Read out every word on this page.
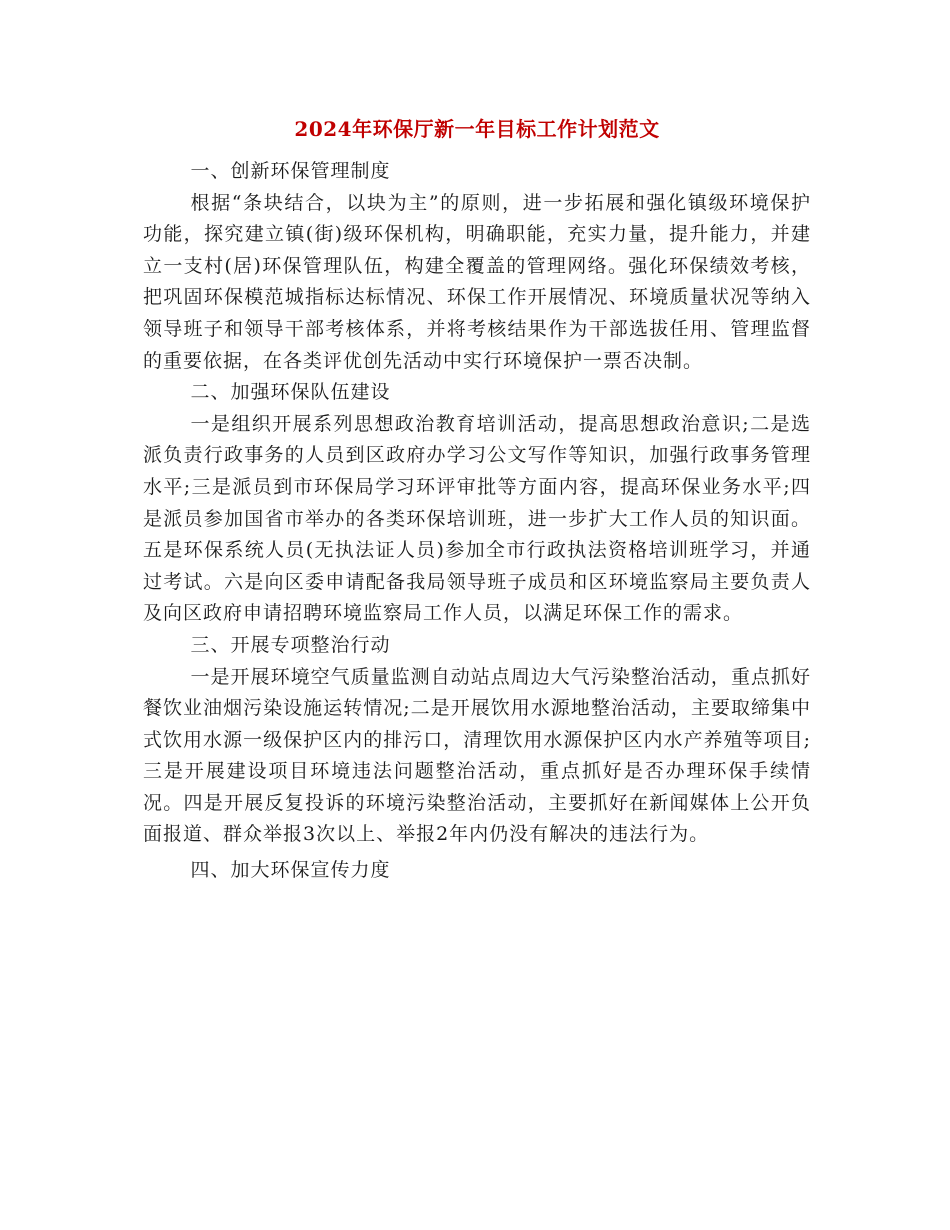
2024年环保厅新一年目标工作计划范文
一、创新环保管理制度

根据“条块结合，以块为主”的原则，进一步拓展和强化镇级环境保护功能，探究建立镇(街)级环保机构，明确职能，充实力量，提升能力，并建立一支村(居)环保管理队伍，构建全覆盖的管理网络。强化环保绩效考核，把巩固环保模范城指标达标情况、环保工作开展情况、环境质量状况等纳入领导班子和领导干部考核体系，并将考核结果作为干部选拔任用、管理监督的重要依据，在各类评优创先活动中实行环境保护一票否决制。

二、加强环保队伍建设

一是组织开展系列思想政治教育培训活动，提高思想政治意识;二是选派负责行政事务的人员到区政府办学习公文写作等知识，加强行政事务管理水平;三是派员到市环保局学习环评审批等方面内容，提高环保业务水平;四是派员参加国省市举办的各类环保培训班，进一步扩大工作人员的知识面。五是环保系统人员(无执法证人员)参加全市行政执法资格培训班学习，并通过考试。六是向区委申请配备我局领导班子成员和区环境监察局主要负责人及向区政府申请招聘环境监察局工作人员，以满足环保工作的需求。

三、开展专项整治行动

一是开展环境空气质量监测自动站点周边大气污染整治活动，重点抓好餐饮业油烟污染设施运转情况;二是开展饮用水源地整治活动，主要取缔集中式饮用水源一级保护区内的排污口，清理饮用水源保护区内水产养殖等项目;三是开展建设项目环境违法问题整治活动，重点抓好是否办理环保手续情况。四是开展反复投诉的环境污染整治活动，主要抓好在新闻媒体上公开负面报道、群众举报3次以上、举报2年内仍没有解决的违法行为。

四、加大环保宣传力度
